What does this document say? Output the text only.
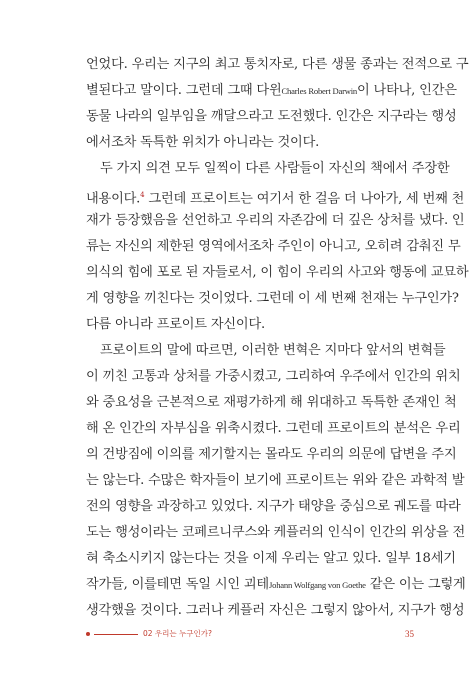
언었다. 우리는 지구의 최고 통치자로, 다른 생물 종과는 전적으로 구
별된다고 말이다. 그런데 그때 다윈Charles Robert Darwin이 나타나, 인간은
동물 나라의 일부임을 깨달으라고 도전했다. 인간은 지구라는 행성
에서조차 독특한 위치가 아니라는 것이다.
두 가지 의견 모두 일찍이 다른 사람들이 자신의 책에서 주장한
내용이다.$^4$ 그런데 프로이트는 여기서 한 걸음 더 나아가, 세 번째 천
재가 등장했음을 선언하고 우리의 자존감에 더 깊은 상처를 냈다. 인
류는 자신의 제한된 영역에서조차 주인이 아니고, 오히려 감춰진 무
의식의 힘에 포로 된 자들로서, 이 힘이 우리의 사고와 행동에 교묘하
게 영향을 끼친다는 것이었다. 그런데 이 세 번째 천재는 누구인가?
다름 아니라 프로이트 자신이다.
프로이트의 말에 따르면, 이러한 변혁은 지마다 앞서의 변혁들
이 끼친 고통과 상처를 가중시켰고, 그리하여 우주에서 인간의 위치
와 중요성을 근본적으로 재평가하게 해 위대하고 독특한 존재인 척
해 온 인간의 자부심을 위축시켰다. 그런데 프로이트의 분석은 우리
의 건방짐에 이의를 제기할지는 몰라도 우리의 의문에 답변을 주지
는 않는다. 수많은 학자들이 보기에 프로이트는 위와 같은 과학적 발
전의 영향을 과장하고 있었다. 지구가 태양을 중심으로 궤도를 따라
도는 행성이라는 코페르니쿠스와 케플러의 인식이 인간의 위상을 전
혀 축소시키지 않는다는 것을 이제 우리는 알고 있다. 일부 18세기
작가들, 이를테면 독일 시인 괴테Johann Wolfgang von Goethe 같은 이는 그렇게
생각했을 것이다. 그러나 케플러 자신은 그렇지 않아서, 지구가 행성
02 우리는 누구인가?	35
